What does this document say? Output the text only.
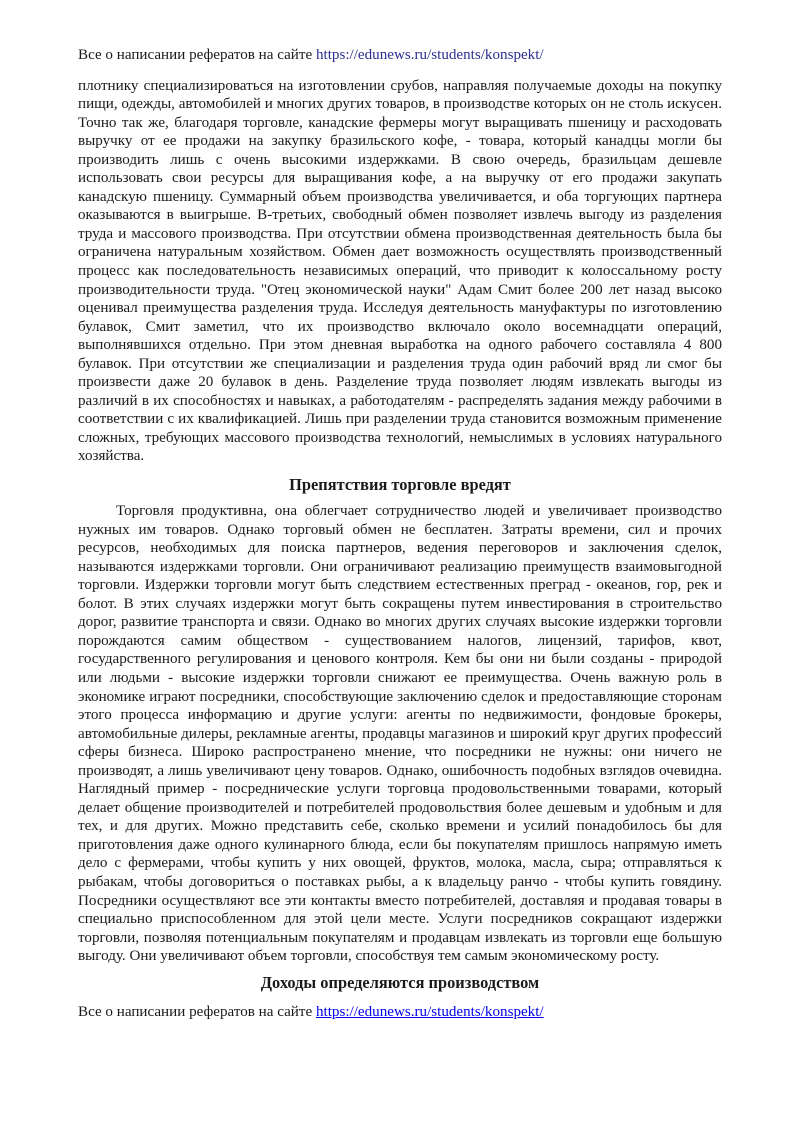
Все о написании рефератов на сайте https://edunews.ru/students/konspekt/

плотнику специализироваться на изготовлении срубов, направляя получаемые доходы на покупку пищи, одежды, автомобилей и многих других товаров, в производстве которых он не столь искусен. Точно так же, благодаря торговле, канадские фермеры могут выращивать пшеницу и расходовать выручку от ее продажи на закупку бразильского кофе, - товара, который канадцы могли бы производить лишь с очень высокими издержками. В свою очередь, бразильцам дешевле использовать свои ресурсы для выращивания кофе, а на выручку от его продажи закупать канадскую пшеницу. Суммарный объем производства увеличивается, и оба торгующих партнера оказываются в выигрыше. В-третьих, свободный обмен позволяет извлечь выгоду из разделения труда и массового производства. При отсутствии обмена производственная деятельность была бы ограничена натуральным хозяйством. Обмен дает возможность осуществлять производственный процесс как последовательность независимых операций, что приводит к колоссальному росту производительности труда. "Отец экономической науки" Адам Смит более 200 лет назад высоко оценивал преимущества разделения труда. Исследуя деятельность мануфактуры по изготовлению булавок, Смит заметил, что их производство включало около восемнадцати операций, выполнявшихся отдельно. При этом дневная выработка на одного рабочего составляла 4 800 булавок. При отсутствии же специализации и разделения труда один рабочий вряд ли смог бы произвести даже 20 булавок в день. Разделение труда позволяет людям извлекать выгоды из различий в их способностях и навыках, а работодателям - распределять задания между рабочими в соответствии с их квалификацией. Лишь при разделении труда становится возможным применение сложных, требующих массового производства технологий, немыслимых в условиях натурального хозяйства.

Препятствия торговле вредят

Торговля продуктивна, она облегчает сотрудничество людей и увеличивает производство нужных им товаров. Однако торговый обмен не бесплатен. Затраты времени, сил и прочих ресурсов, необходимых для поиска партнеров, ведения переговоров и заключения сделок, называются издержками торговли. Они ограничивают реализацию преимуществ взаимовыгодной торговли. Издержки торговли могут быть следствием естественных преград - океанов, гор, рек и болот. В этих случаях издержки могут быть сокращены путем инвестирования в строительство дорог, развитие транспорта и связи. Однако во многих других случаях высокие издержки торговли порождаются самим обществом - существованием налогов, лицензий, тарифов, квот, государственного регулирования и ценового контроля. Кем бы они ни были созданы - природой или людьми - высокие издержки торговли снижают ее преимущества. Очень важную роль в экономике играют посредники, способствующие заключению сделок и предоставляющие сторонам этого процесса информацию и другие услуги: агенты по недвижимости, фондовые брокеры, автомобильные дилеры, рекламные агенты, продавцы магазинов и широкий круг других профессий сферы бизнеса. Широко распространено мнение, что посредники не нужны: они ничего не производят, а лишь увеличивают цену товаров. Однако, ошибочность подобных взглядов очевидна. Наглядный пример - посреднические услуги торговца продовольственными товарами, который делает общение производителей и потребителей продовольствия более дешевым и удобным и для тех, и для других. Можно представить себе, сколько времени и усилий понадобилось бы для приготовления даже одного кулинарного блюда, если бы покупателям пришлось напрямую иметь дело с фермерами, чтобы купить у них овощей, фруктов, молока, масла, сыра; отправляться к рыбакам, чтобы договориться о поставках рыбы, а к владельцу ранчо - чтобы купить говядину. Посредники осуществляют все эти контакты вместо потребителей, доставляя и продавая товары в специально приспособленном для этой цели месте. Услуги посредников сокращают издержки торговли, позволяя потенциальным покупателям и продавцам извлекать из торговли еще большую выгоду. Они увеличивают объем торговли, способствуя тем самым экономическому росту.

Доходы определяются производством
Все о написании рефератов на сайте https://edunews.ru/students/konspekt/
